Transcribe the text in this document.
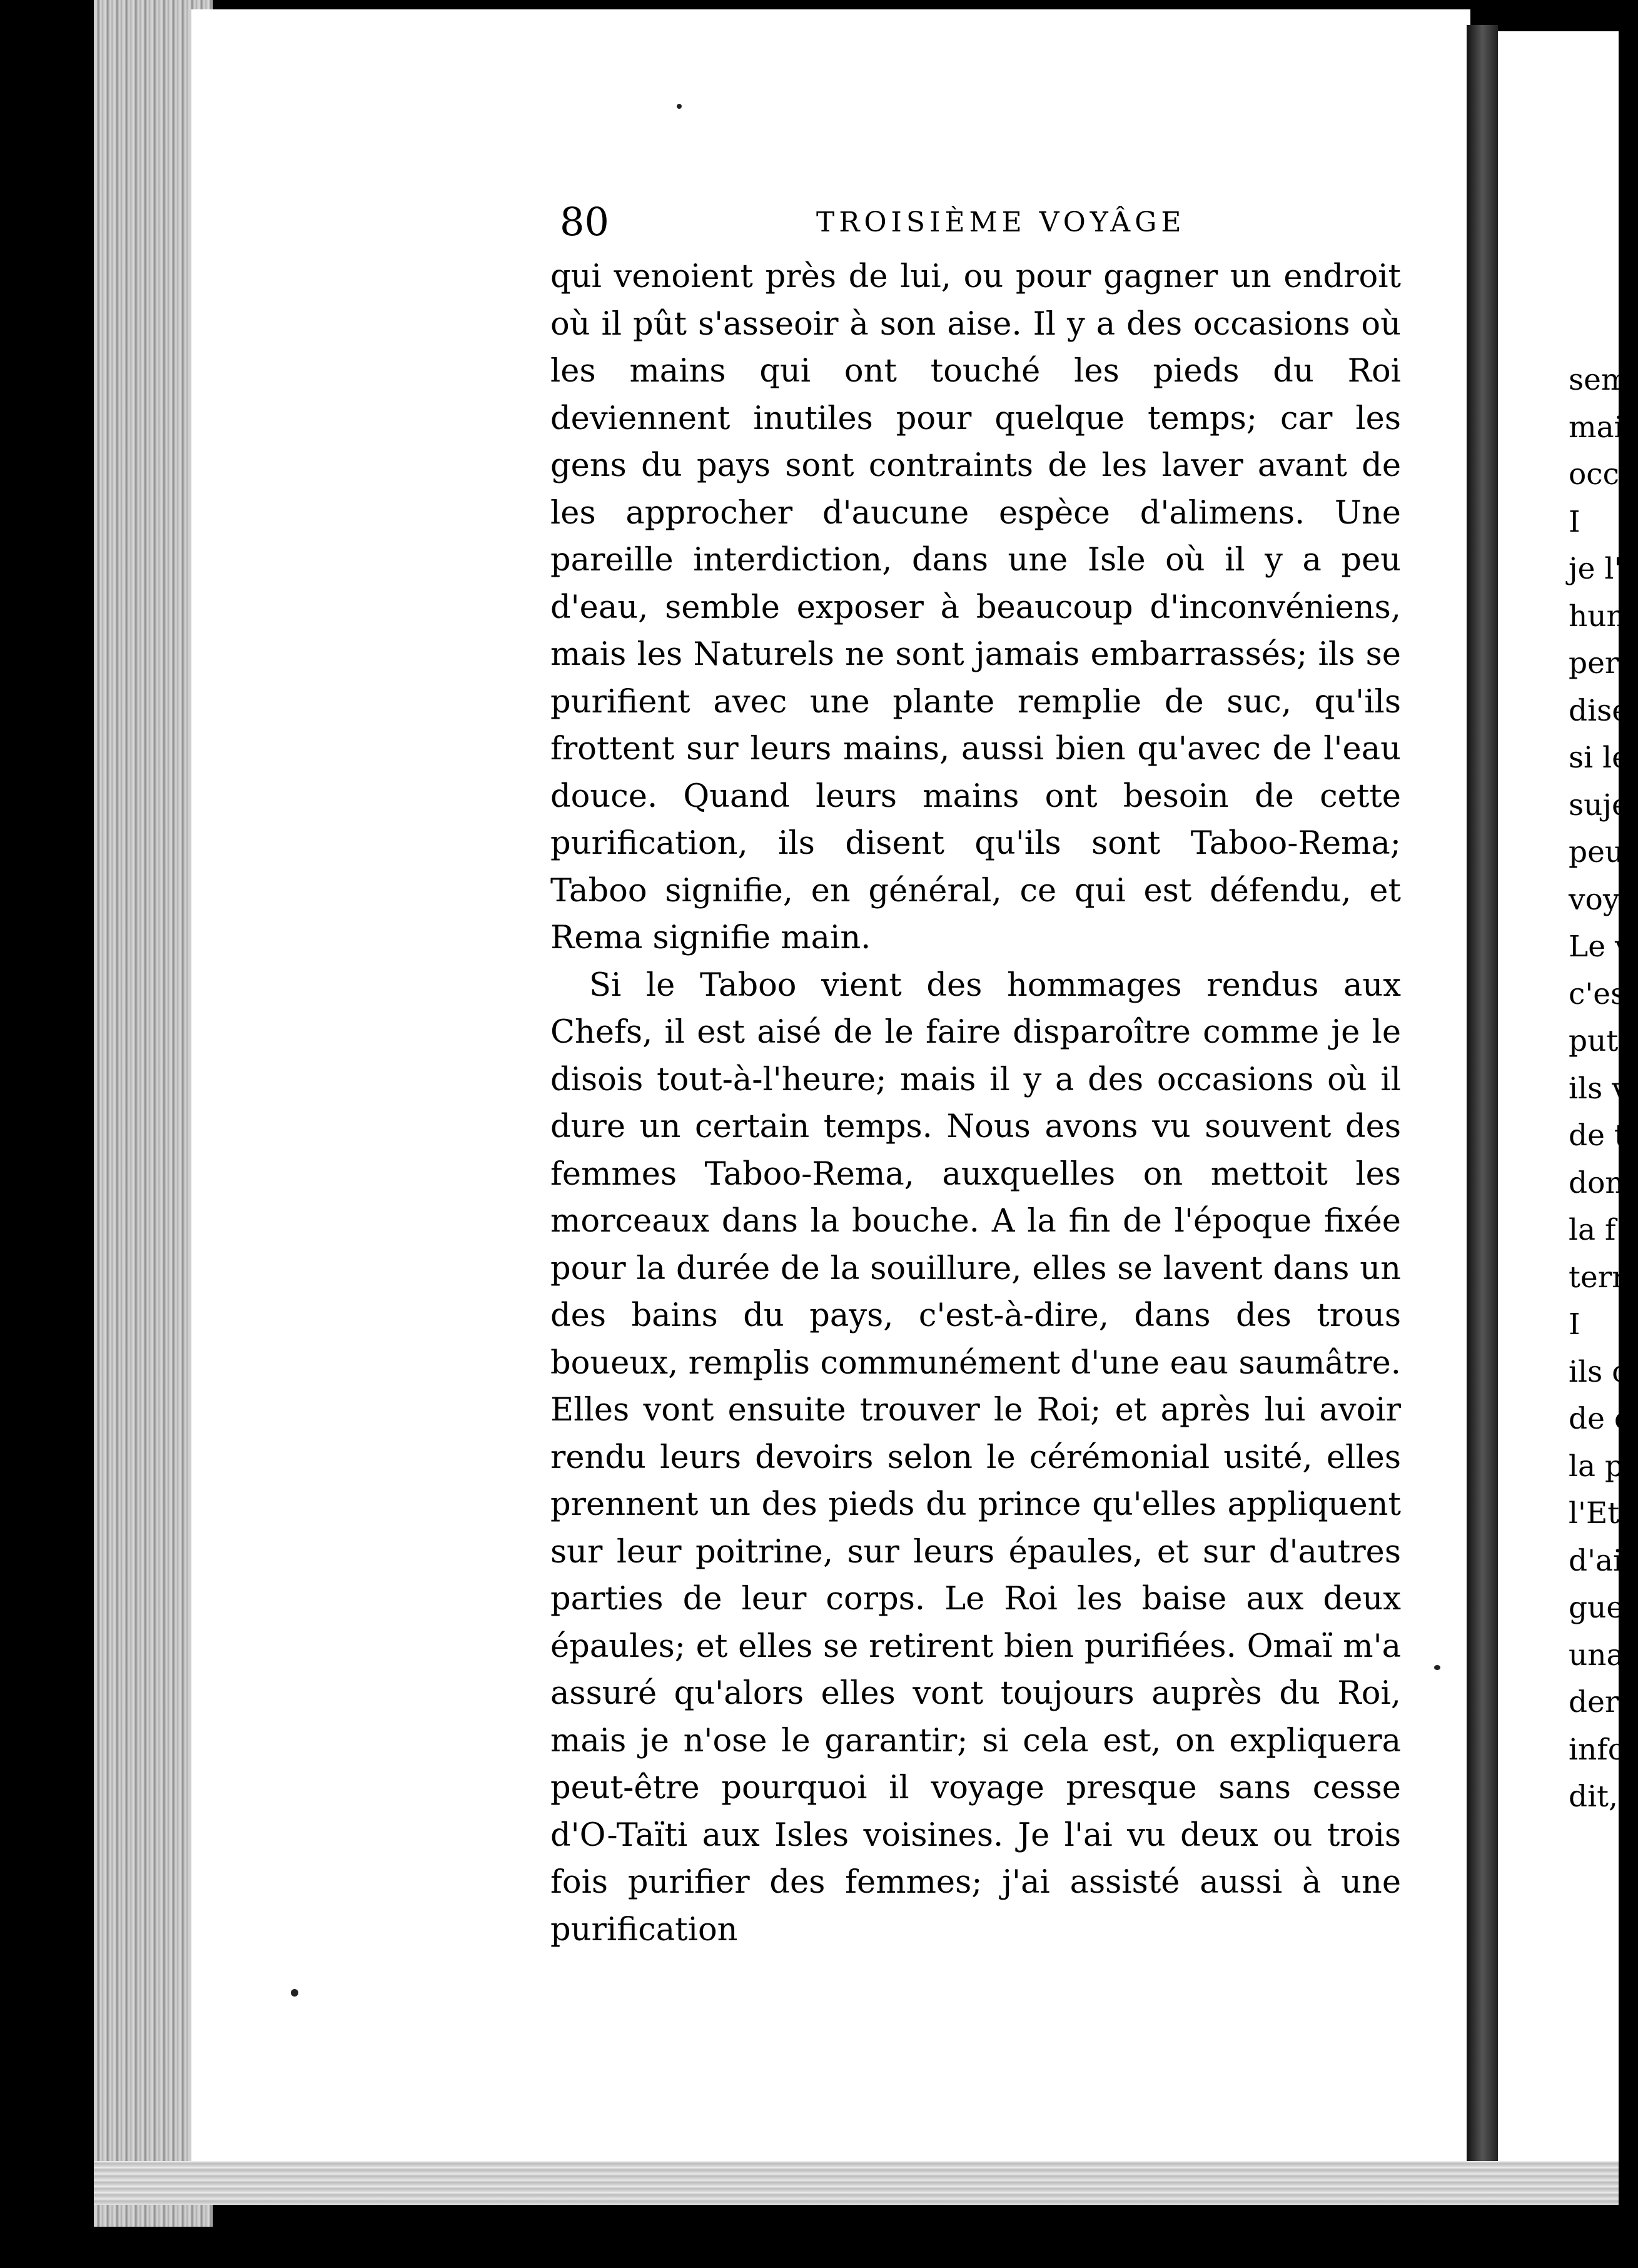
80	TROISIÈME VOYÂGE

qui venoient près de lui, ou pour gagner un endroit où il pût s'asseoir à son aise. Il y a des occasions où les mains qui ont touché les pieds du Roi deviennent inutiles pour quelque temps; car les gens du pays sont contraints de les laver avant de les approcher d'aucune espèce d'alimens. Une pareille interdiction, dans une Isle où il y a peu d'eau, semble exposer à beaucoup d'inconvéniens, mais les Naturels ne sont jamais embarrassés; ils se purifient avec une plante remplie de suc, qu'ils frottent sur leurs mains, aussi bien qu'avec de l'eau douce. Quand leurs mains ont besoin de cette purification, ils disent qu'ils sont Taboo-Rema; Taboo signifie, en général, ce qui est défendu, et Rema signifie main.

Si le Taboo vient des hommages rendus aux Chefs, il est aisé de le faire disparoître comme je le disois tout-à-l'heure; mais il y a des occasions où il dure un certain temps. Nous avons vu souvent des femmes Taboo-Rema, auxquelles on mettoit les morceaux dans la bouche. A la fin de l'époque fixée pour la durée de la souillure, elles se lavent dans un des bains du pays, c'est-à-dire, dans des trous boueux, remplis communément d'une eau saumâtre. Elles vont ensuite trouver le Roi; et après lui avoir rendu leurs devoirs selon le cérémonial usité, elles prennent un des pieds du prince qu'elles appliquent sur leur poitrine, sur leurs épaules, et sur d'autres parties de leur corps. Le Roi les baise aux deux épaules; et elles se retirent bien purifiées. Omaï m'a assuré qu'alors elles vont toujours auprès du Roi, mais je n'ose le garantir; si cela est, on expliquera peut-être pourquoi il voyage presque sans cesse d'O-Taïti aux Isles voisines. Je l'ai vu deux ou trois fois purifier des femmes; j'ai assisté aussi à une purification

sem
mai
occ
I
je l'
hun
per
dise
si le
suje
peu
voy
Le v
c'es
put
ils v
de t
don
la f
terr
I
ils c
de c
la p
l'Eta
d'ai
guer
una
derr
info
dit,
